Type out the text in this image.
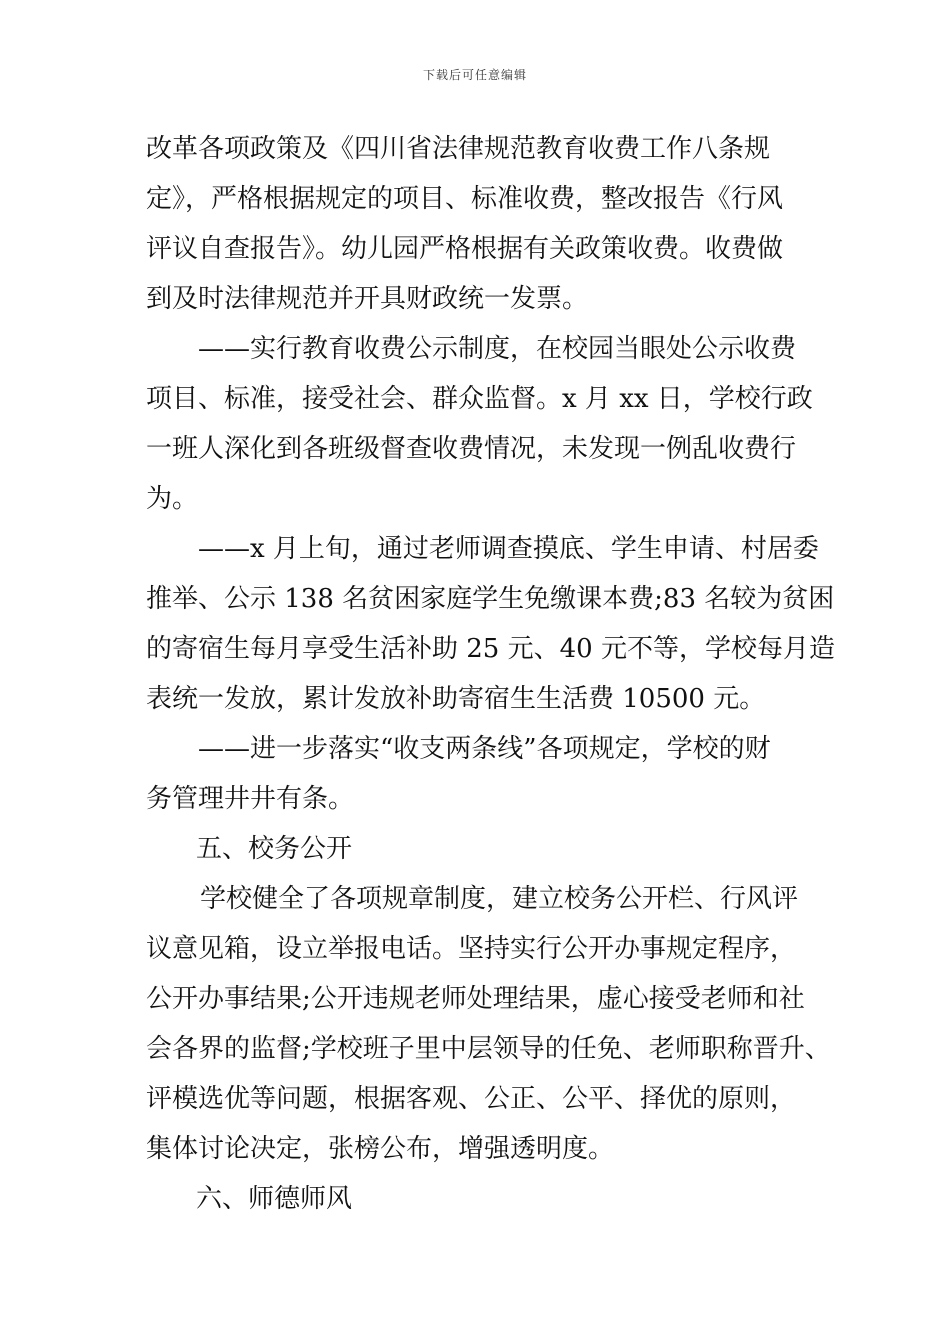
下载后可任意编辑
改革各项政策及《四川省法律规范教育收费工作八条规
定》，严格根据规定的项目、标准收费，整改报告《行风
评议自查报告》。幼儿园严格根据有关政策收费。收费做
到及时法律规范并开具财政统一发票。
——实行教育收费公示制度，在校园当眼处公示收费
项目、标准，接受社会、群众监督。x 月 xx 日，学校行政
一班人深化到各班级督查收费情况，未发现一例乱收费行
为。
——x 月上旬，通过老师调查摸底、学生申请、村居委
推举、公示 138 名贫困家庭学生免缴课本费;83 名较为贫困
的寄宿生每月享受生活补助 25 元、40 元不等，学校每月造
表统一发放，累计发放补助寄宿生生活费 10500 元。
——进一步落实“收支两条线”各项规定，学校的财
务管理井井有条。
五、校务公开
学校健全了各项规章制度，建立校务公开栏、行风评
议意见箱，设立举报电话。坚持实行公开办事规定程序，
公开办事结果;公开违规老师处理结果，虚心接受老师和社
会各界的监督;学校班子里中层领导的任免、老师职称晋升、
评模选优等问题，根据客观、公正、公平、择优的原则，
集体讨论决定，张榜公布，增强透明度。
六、师德师风
